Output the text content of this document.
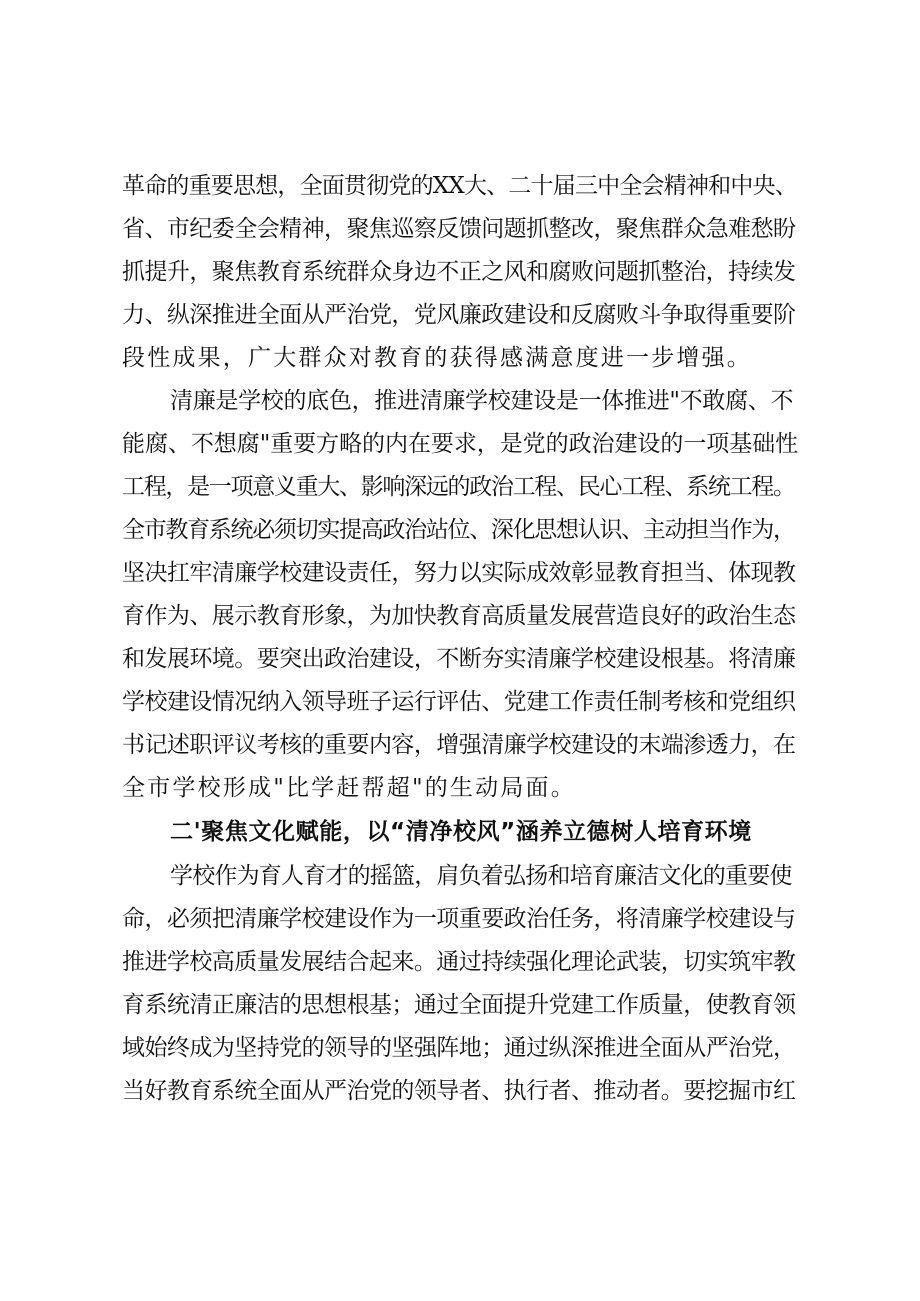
革命的重要思想，全面贯彻党的XX大、二十届三中全会精神和中央、
省、市纪委全会精神，聚焦巡察反馈问题抓整改，聚焦群众急难愁盼
抓提升，聚焦教育系统群众身边不正之风和腐败问题抓整治，持续发
力、纵深推进全面从严治党，党风廉政建设和反腐败斗争取得重要阶
段性成果，广大群众对教育的获得感满意度进一步增强。
清廉是学校的底色，推进清廉学校建设是一体推进"不敢腐、不
能腐、不想腐"重要方略的内在要求，是党的政治建设的一项基础性
工程，是一项意义重大、影响深远的政治工程、民心工程、系统工程。
全市教育系统必须切实提高政治站位、深化思想认识、主动担当作为，
坚决扛牢清廉学校建设责任，努力以实际成效彰显教育担当、体现教
育作为、展示教育形象，为加快教育高质量发展营造良好的政治生态
和发展环境。要突出政治建设，不断夯实清廉学校建设根基。将清廉
学校建设情况纳入领导班子运行评估、党建工作责任制考核和党组织
书记述职评议考核的重要内容，增强清廉学校建设的末端渗透力，在
全市学校形成"比学赶帮超"的生动局面。
二'聚焦文化赋能，以“清净校风”涵养立德树人培育环境
学校作为育人育才的摇篮，肩负着弘扬和培育廉洁文化的重要使
命，必须把清廉学校建设作为一项重要政治任务，将清廉学校建设与
推进学校高质量发展结合起来。通过持续强化理论武装，切实筑牢教
育系统清正廉洁的思想根基；通过全面提升党建工作质量，使教育领
域始终成为坚持党的领导的坚强阵地；通过纵深推进全面从严治党，
当好教育系统全面从严治党的领导者、执行者、推动者。要挖掘市红
